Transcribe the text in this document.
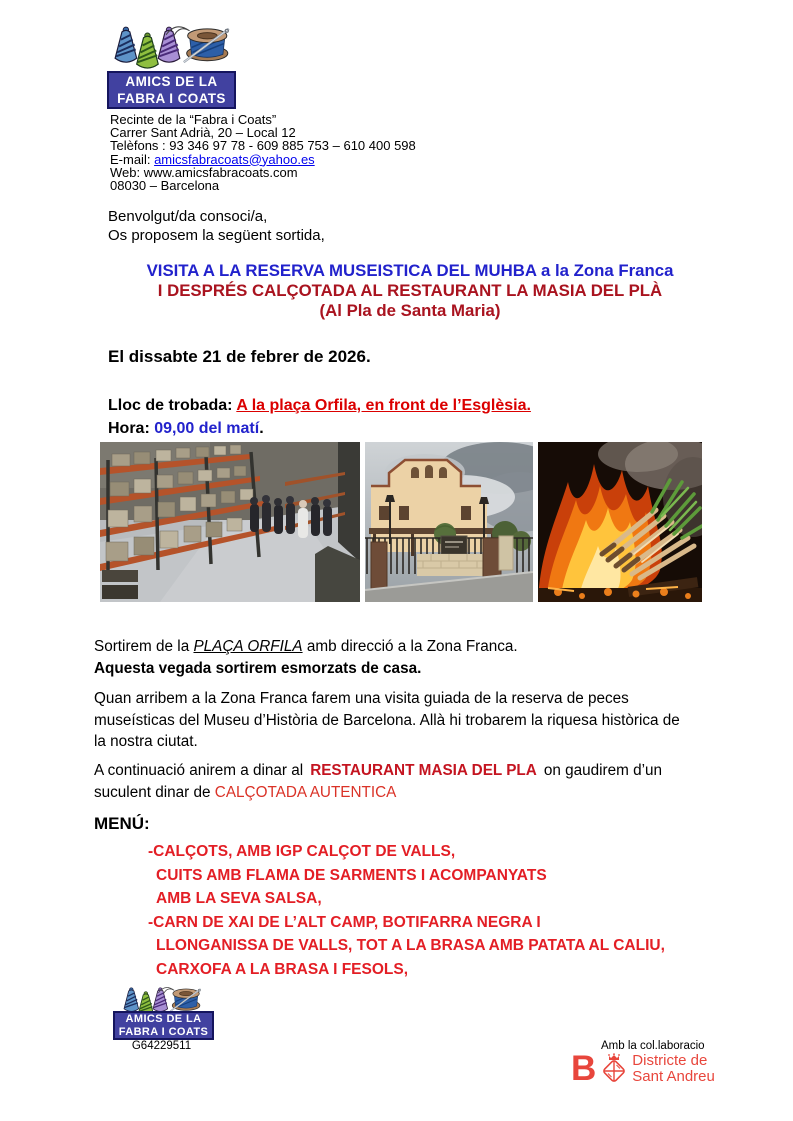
AMICS DE LA
FABRA I COATS
Recinte de la “Fabra i Coats”
Carrer Sant Adrià, 20 – Local 12
Telèfons : 93 346 97 78 - 609 885 753 – 610 400 598
E-mail: amicsfabracoats@yahoo.es
Web: www.amicsfabracoats.com
08030 – Barcelona
Benvolgut/da consoci/a,
Os proposem la següent sortida,
VISITA A LA RESERVA MUSEISTICA DEL MUHBA a la Zona Franca
I DESPRÉS CALÇOTADA AL RESTAURANT LA MASIA DEL PLÀ
(Al Pla de Santa Maria)
El dissabte 21 de febrer de 2026.
Lloc de trobada: A la plaça Orfila, en front de l’Esglèsia.
Hora: 09,00 del matí.
Sortirem de la PLAÇA ORFILA amb direcció a la Zona Franca.
Aquesta vegada sortirem esmorzats de casa.
Quan arribem a la Zona Franca farem una visita guiada de la reserva de peces
museísticas del Museu d’Història de Barcelona. Allà hi trobarem la riquesa històrica de
la nostra ciutat.
A continuació anirem a dinar al RESTAURANT MASIA DEL PLA on gaudirem d’un
suculent dinar de CALÇOTADA AUTENTICA
MENÚ:
-CALÇOTS, AMB IGP CALÇOT DE VALLS,
CUITS AMB FLAMA DE SARMENTS I ACOMPANYATS
AMB LA SEVA SALSA,
-CARN DE XAI DE L’ALT CAMP, BOTIFARRA NEGRA I
LLONGANISSA DE VALLS, TOT A LA BRASA AMB PATATA AL CALIU,
CARXOFA A LA BRASA I FESOLS,
AMICS DE LA
FABRA I COATS
G64229511	Amb la col.laboracio
B Districte de
Sant Andreu
